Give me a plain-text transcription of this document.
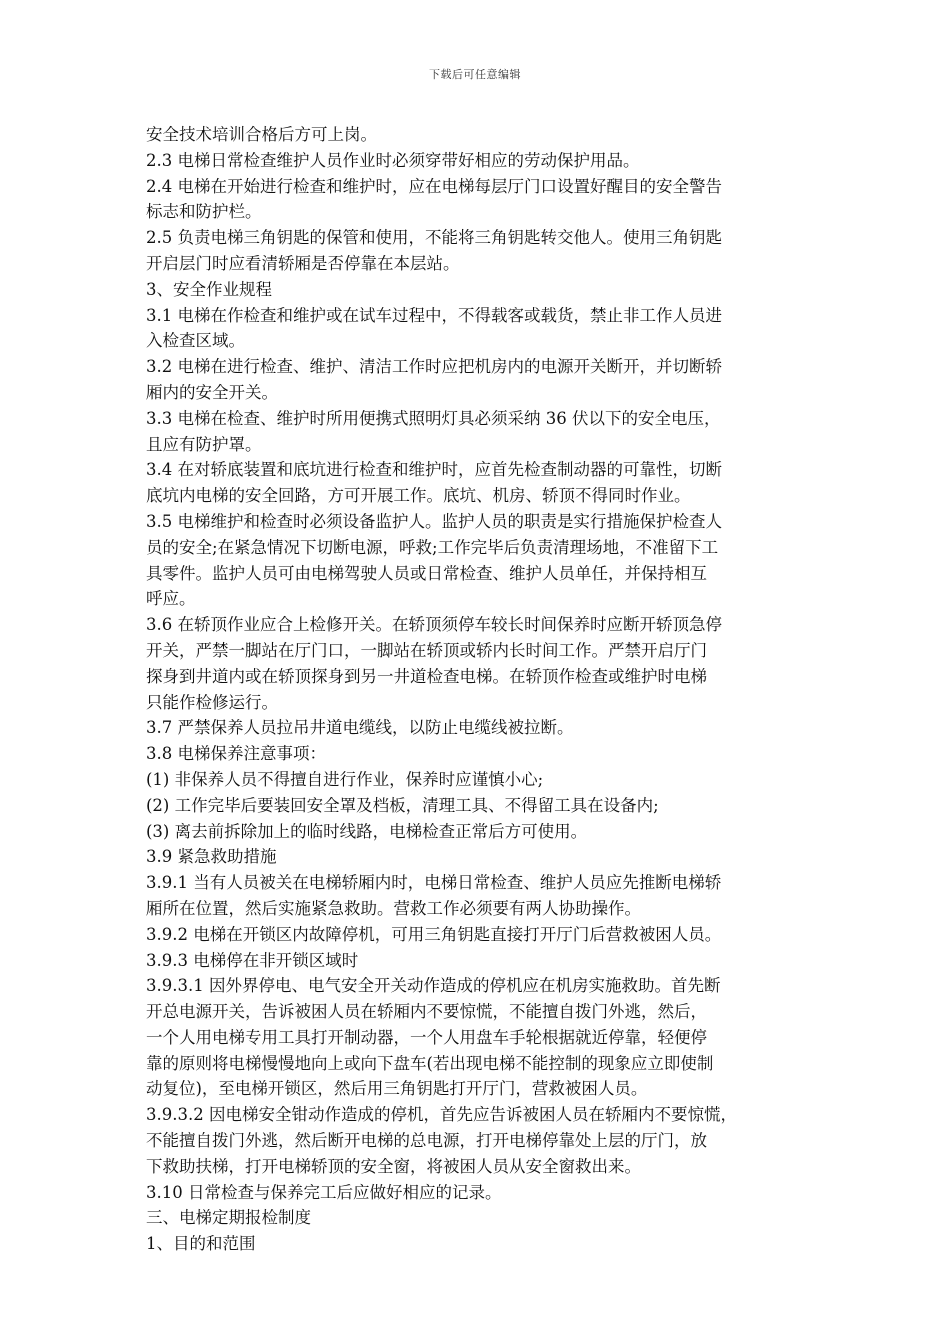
下载后可任意编辑
安全技术培训合格后方可上岗。
2.3 电梯日常检查维护人员作业时必须穿带好相应的劳动保护用品。
2.4 电梯在开始进行检查和维护时，应在电梯每层厅门口设置好醒目的安全警告
标志和防护栏。
2.5 负责电梯三角钥匙的保管和使用，不能将三角钥匙转交他人。使用三角钥匙
开启层门时应看清轿厢是否停靠在本层站。
3、安全作业规程
3.1 电梯在作检查和维护或在试车过程中，不得载客或载货，禁止非工作人员进
入检查区域。
3.2 电梯在进行检查、维护、清洁工作时应把机房内的电源开关断开，并切断轿
厢内的安全开关。
3.3 电梯在检查、维护时所用便携式照明灯具必须采纳 36 伏以下的安全电压，
且应有防护罩。
3.4 在对轿底装置和底坑进行检查和维护时，应首先检查制动器的可靠性，切断
底坑内电梯的安全回路，方可开展工作。底坑、机房、轿顶不得同时作业。
3.5 电梯维护和检查时必须设备监护人。监护人员的职责是实行措施保护检查人
员的安全;在紧急情况下切断电源，呼救;工作完毕后负责清理场地，不准留下工
具零件。监护人员可由电梯驾驶人员或日常检查、维护人员单任，并保持相互
呼应。
3.6 在轿顶作业应合上检修开关。在轿顶须停车较长时间保养时应断开轿顶急停
开关，严禁一脚站在厅门口，一脚站在轿顶或轿内长时间工作。严禁开启厅门
探身到井道内或在轿顶探身到另一井道检查电梯。在轿顶作检查或维护时电梯
只能作检修运行。
3.7 严禁保养人员拉吊井道电缆线，以防止电缆线被拉断。
3.8 电梯保养注意事项：
(1) 非保养人员不得擅自进行作业，保养时应谨慎小心;
(2) 工作完毕后要装回安全罩及档板，清理工具、不得留工具在设备内;
(3) 离去前拆除加上的临时线路，电梯检查正常后方可使用。
3.9 紧急救助措施
3.9.1 当有人员被关在电梯轿厢内时，电梯日常检查、维护人员应先推断电梯轿
厢所在位置，然后实施紧急救助。营救工作必须要有两人协助操作。
3.9.2 电梯在开锁区内故障停机，可用三角钥匙直接打开厅门后营救被困人员。
3.9.3 电梯停在非开锁区域时
3.9.3.1 因外界停电、电气安全开关动作造成的停机应在机房实施救助。首先断
开总电源开关，告诉被困人员在轿厢内不要惊慌，不能擅自拨门外逃，然后，
一个人用电梯专用工具打开制动器，一个人用盘车手轮根据就近停靠，轻便停
靠的原则将电梯慢慢地向上或向下盘车(若出现电梯不能控制的现象应立即使制
动复位)，至电梯开锁区，然后用三角钥匙打开厅门，营救被困人员。
3.9.3.2 因电梯安全钳动作造成的停机，首先应告诉被困人员在轿厢内不要惊慌，
不能擅自拨门外逃，然后断开电梯的总电源，打开电梯停靠处上层的厅门，放
下救助扶梯，打开电梯轿顶的安全窗，将被困人员从安全窗救出来。
3.10 日常检查与保养完工后应做好相应的记录。
三、电梯定期报检制度
1、目的和范围
